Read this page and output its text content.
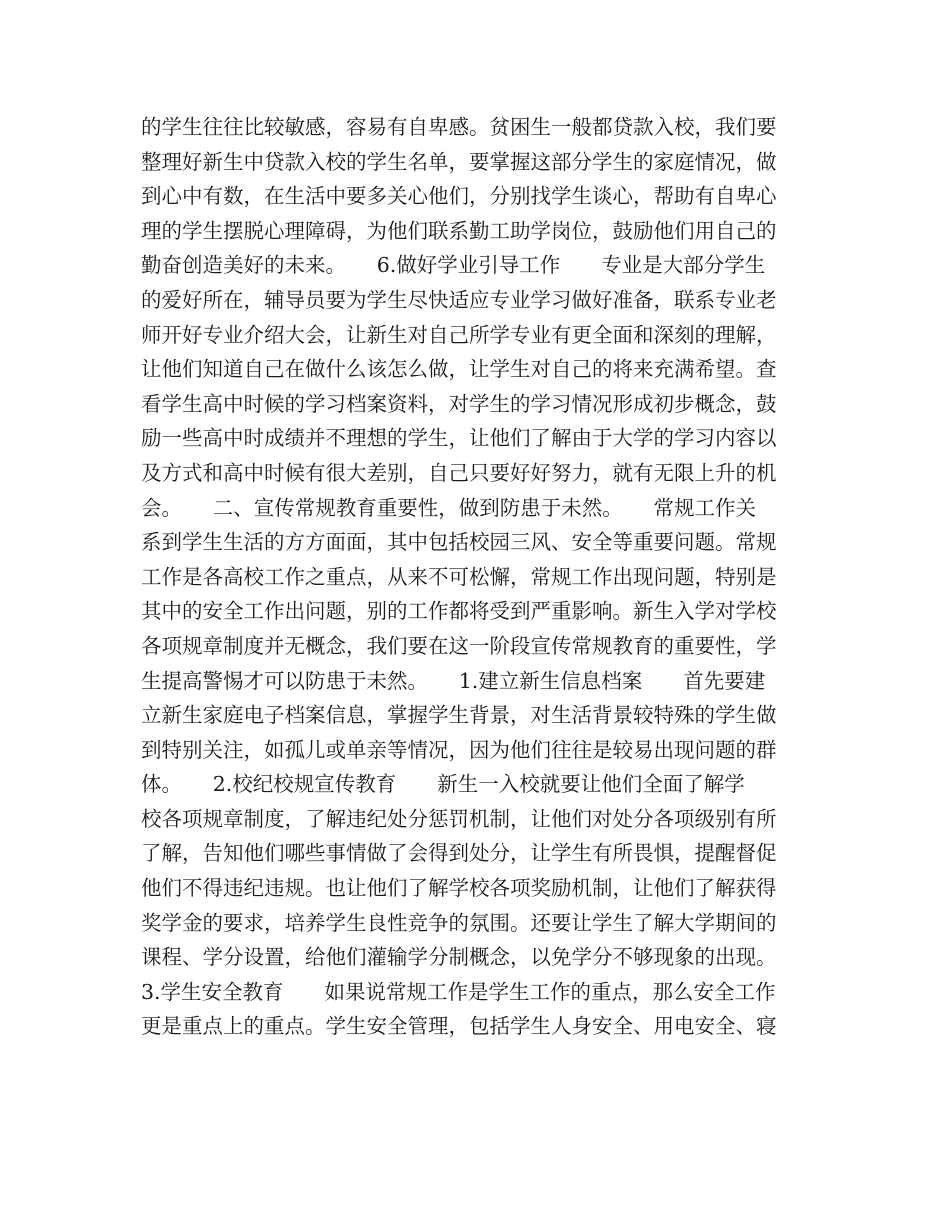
的学生往往比较敏感，容易有自卑感。贫困生一般都贷款入校，我们要
整理好新生中贷款入校的学生名单，要掌握这部分学生的家庭情况，做
到心中有数，在生活中要多关心他们，分别找学生谈心，帮助有自卑心
理的学生摆脱心理障碍，为他们联系勤工助学岗位，鼓励他们用自己的
勤奋创造美好的未来。　　6.做好学业引导工作　　专业是大部分学生
的爱好所在，辅导员要为学生尽快适应专业学习做好准备，联系专业老
师开好专业介绍大会，让新生对自己所学专业有更全面和深刻的理解，
让他们知道自己在做什么该怎么做，让学生对自己的将来充满希望。查
看学生高中时候的学习档案资料，对学生的学习情况形成初步概念，鼓
励一些高中时成绩并不理想的学生，让他们了解由于大学的学习内容以
及方式和高中时候有很大差别，自己只要好好努力，就有无限上升的机
会。　　二、宣传常规教育重要性，做到防患于未然。　　常规工作关
系到学生生活的方方面面，其中包括校园三风、安全等重要问题。常规
工作是各高校工作之重点，从来不可松懈，常规工作出现问题，特别是
其中的安全工作出问题，别的工作都将受到严重影响。新生入学对学校
各项规章制度并无概念，我们要在这一阶段宣传常规教育的重要性，学
生提高警惕才可以防患于未然。　　1.建立新生信息档案　　首先要建
立新生家庭电子档案信息，掌握学生背景，对生活背景较特殊的学生做
到特别关注，如孤儿或单亲等情况，因为他们往往是较易出现问题的群
体。　　2.校纪校规宣传教育　　新生一入校就要让他们全面了解学
校各项规章制度，了解违纪处分惩罚机制，让他们对处分各项级别有所
了解，告知他们哪些事情做了会得到处分，让学生有所畏惧，提醒督促
他们不得违纪违规。也让他们了解学校各项奖励机制，让他们了解获得
奖学金的要求，培养学生良性竞争的氛围。还要让学生了解大学期间的
课程、学分设置，给他们灌输学分制概念，以免学分不够现象的出现。
3.学生安全教育　　如果说常规工作是学生工作的重点，那么安全工作
更是重点上的重点。学生安全管理，包括学生人身安全、用电安全、寝
